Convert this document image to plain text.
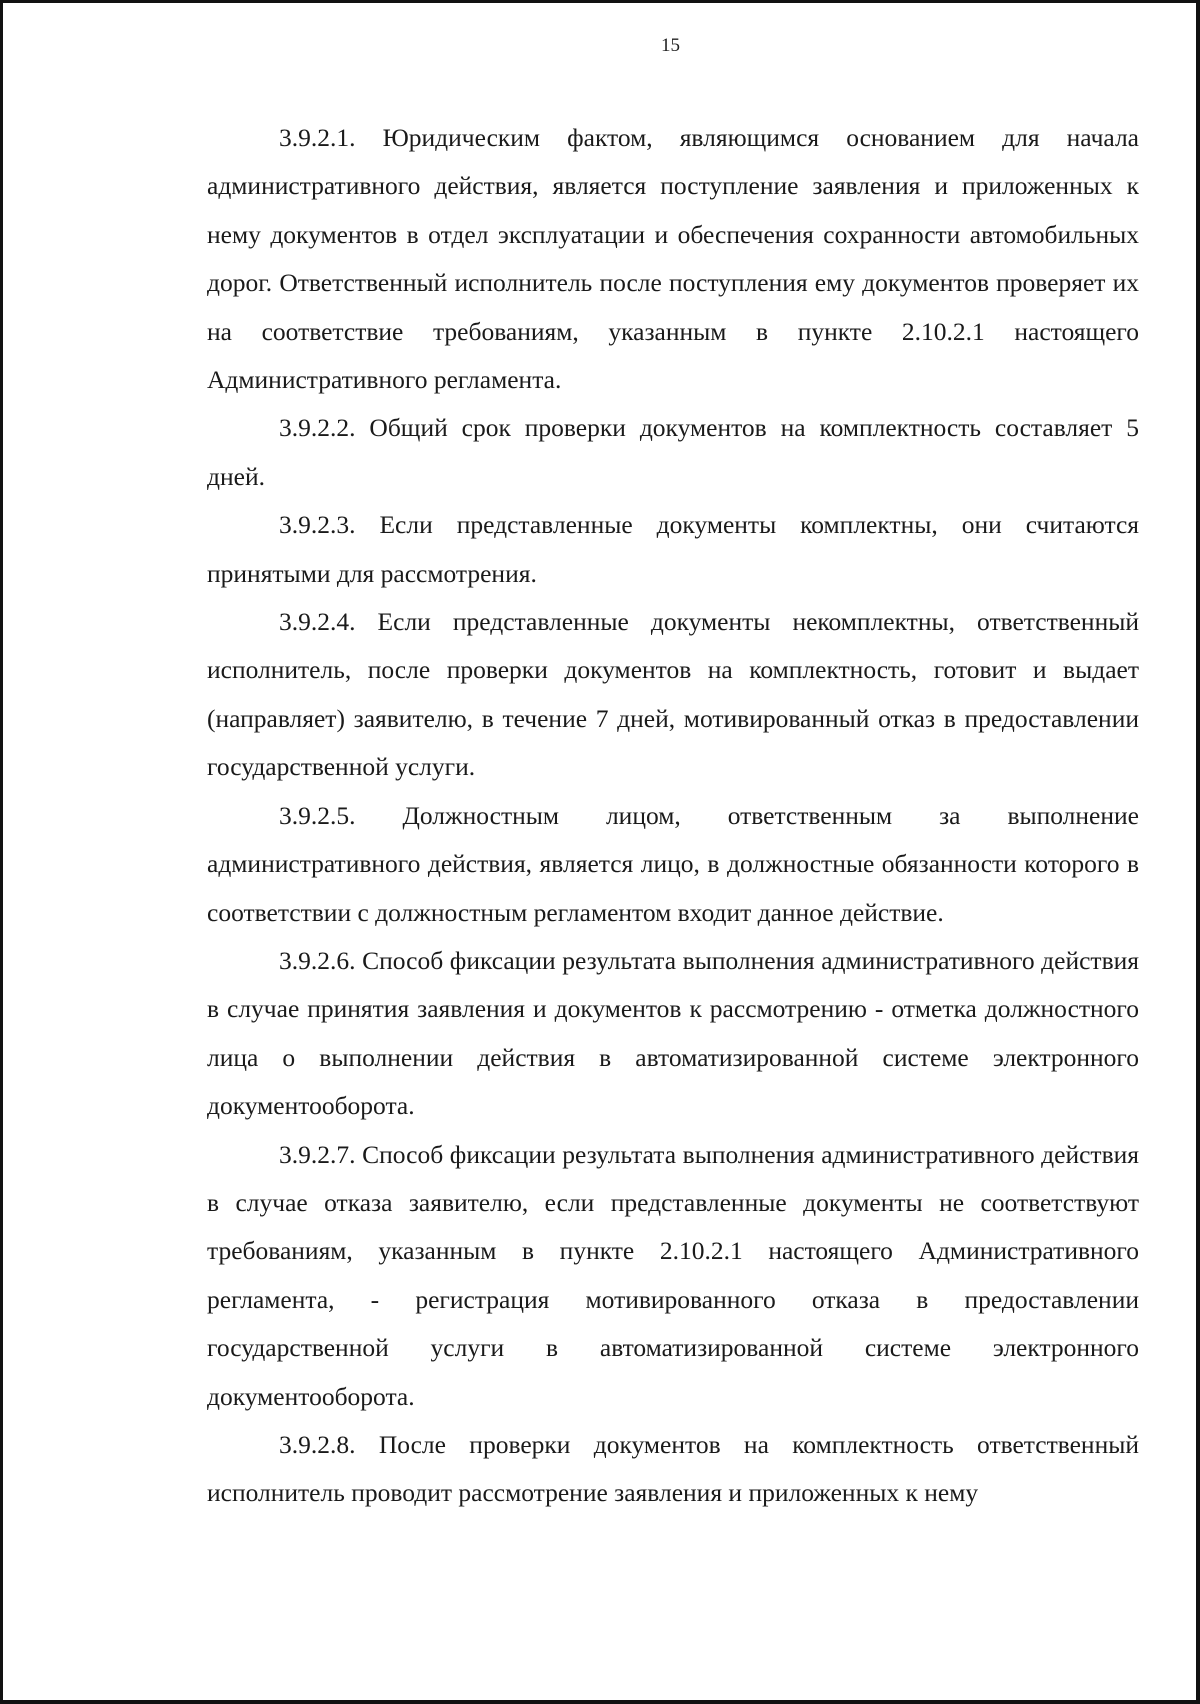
15

3.9.2.1. Юридическим фактом, являющимся основанием для начала административного действия, является поступление заявления и приложенных к нему документов в отдел эксплуатации и обеспечения сохранности автомобильных дорог. Ответственный исполнитель после поступления ему документов проверяет их на соответствие требованиям, указанным в пункте 2.10.2.1 настоящего Административного регламента.

3.9.2.2. Общий срок проверки документов на комплектность составляет 5 дней.

3.9.2.3. Если представленные документы комплектны, они считаются принятыми для рассмотрения.

3.9.2.4. Если представленные документы некомплектны, ответственный исполнитель, после проверки документов на комплектность, готовит и выдает (направляет) заявителю, в течение 7 дней, мотивированный отказ в предоставлении государственной услуги.

3.9.2.5. Должностным лицом, ответственным за выполнение административного действия, является лицо, в должностные обязанности которого в соответствии с должностным регламентом входит данное действие.

3.9.2.6. Способ фиксации результата выполнения административного действия в случае принятия заявления и документов к рассмотрению - отметка должностного лица о выполнении действия в автоматизированной системе электронного документооборота.

3.9.2.7. Способ фиксации результата выполнения административного действия в случае отказа заявителю, если представленные документы не соответствуют требованиям, указанным в пункте 2.10.2.1 настоящего Административного регламента, - регистрация мотивированного отказа в предоставлении государственной услуги в автоматизированной системе электронного документооборота.

3.9.2.8. После проверки документов на комплектность ответственный исполнитель проводит рассмотрение заявления и приложенных к нему
